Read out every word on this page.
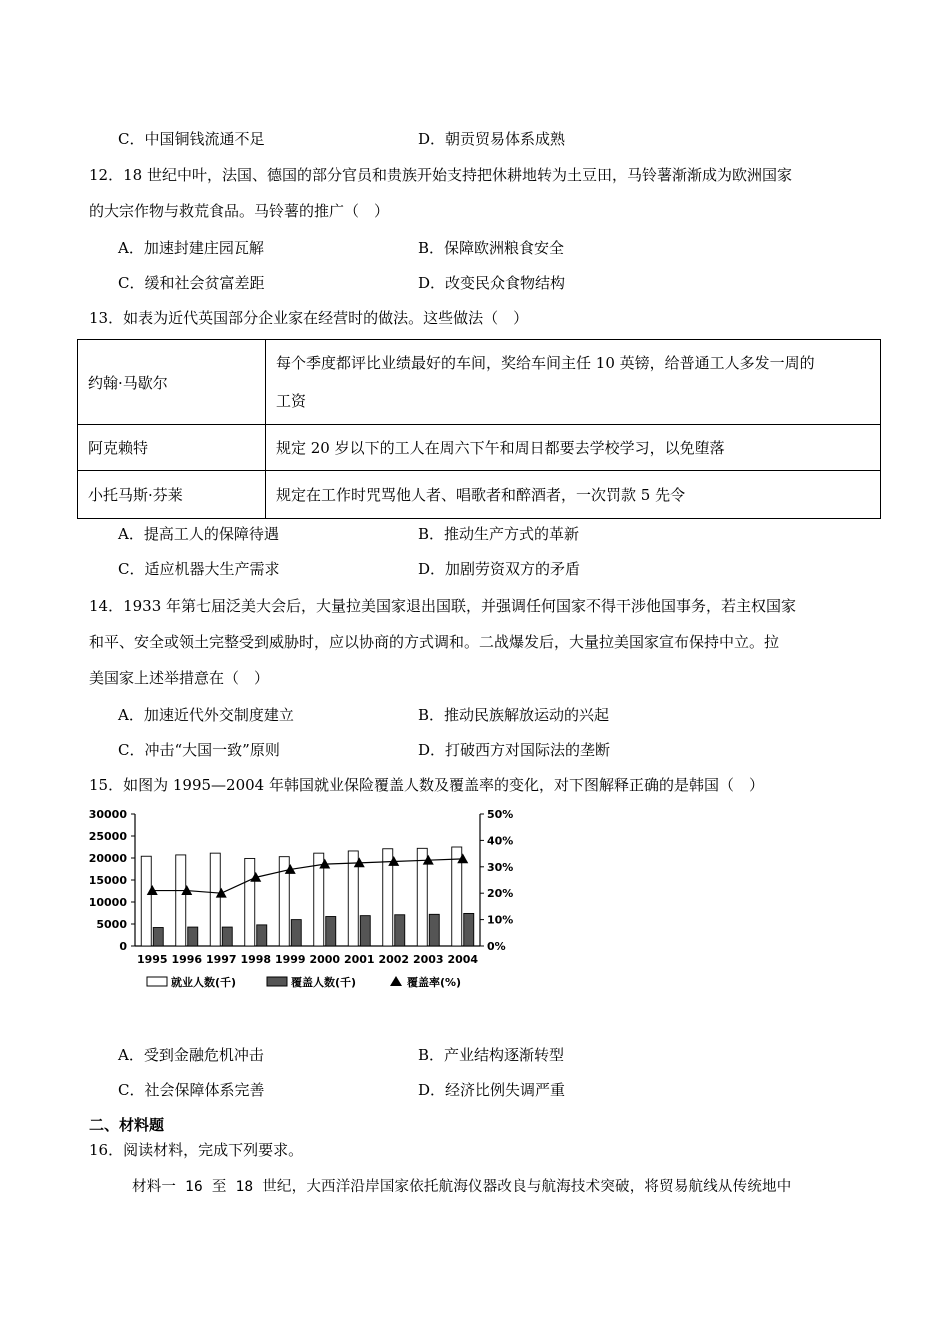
C．中国铜钱流通不足	D．朝贡贸易体系成熟
12．18 世纪中叶，法国、德国的部分官员和贵族开始支持把休耕地转为土豆田，马铃薯渐渐成为欧洲国家
的大宗作物与救荒食品。马铃薯的推广（　）
A．加速封建庄园瓦解	B．保障欧洲粮食安全
C．缓和社会贫富差距	D．改变民众食物结构
13．如表为近代英国部分企业家在经营时的做法。这些做法（　）
约翰·马歇尔	每个季度都评比业绩最好的车间，奖给车间主任 10 英镑，给普通工人多发一周的
工资

阿克赖特	规定 20 岁以下的工人在周六下午和周日都要去学校学习，以免堕落
小托马斯·芬莱	规定在工作时咒骂他人者、唱歌者和醉酒者，一次罚款 5 先令
A．提高工人的保障待遇	B．推动生产方式的革新
C．适应机器大生产需求	D．加剧劳资双方的矛盾
14．1933 年第七届泛美大会后，大量拉美国家退出国联，并强调任何国家不得干涉他国事务，若主权国家
和平、安全或领土完整受到威胁时，应以协商的方式调和。二战爆发后，大量拉美国家宣布保持中立。拉
美国家上述举措意在（　）
A．加速近代外交制度建立	B．推动民族解放运动的兴起
C．冲击“大国一致”原则	D．打破西方对国际法的垄断
15．如图为 1995—2004 年韩国就业保险覆盖人数及覆盖率的变化，对下图解释正确的是韩国（　）
0
5000
10000
15000
20000
25000
30000
0%
10%
20%
30%
40%
50%
1995 1996 1997 1998 1999 2000 2001 2002 2003 2004
就业人数(千)	覆盖人数(千)	覆盖率(%)
A．受到金融危机冲击	B．产业结构逐渐转型
C．社会保障体系完善	D．经济比例失调严重
二、材料题
16．阅读材料，完成下列要求。
材料一 16 至 18 世纪，大西洋沿岸国家依托航海仪器改良与航海技术突破，将贸易航线从传统地中
